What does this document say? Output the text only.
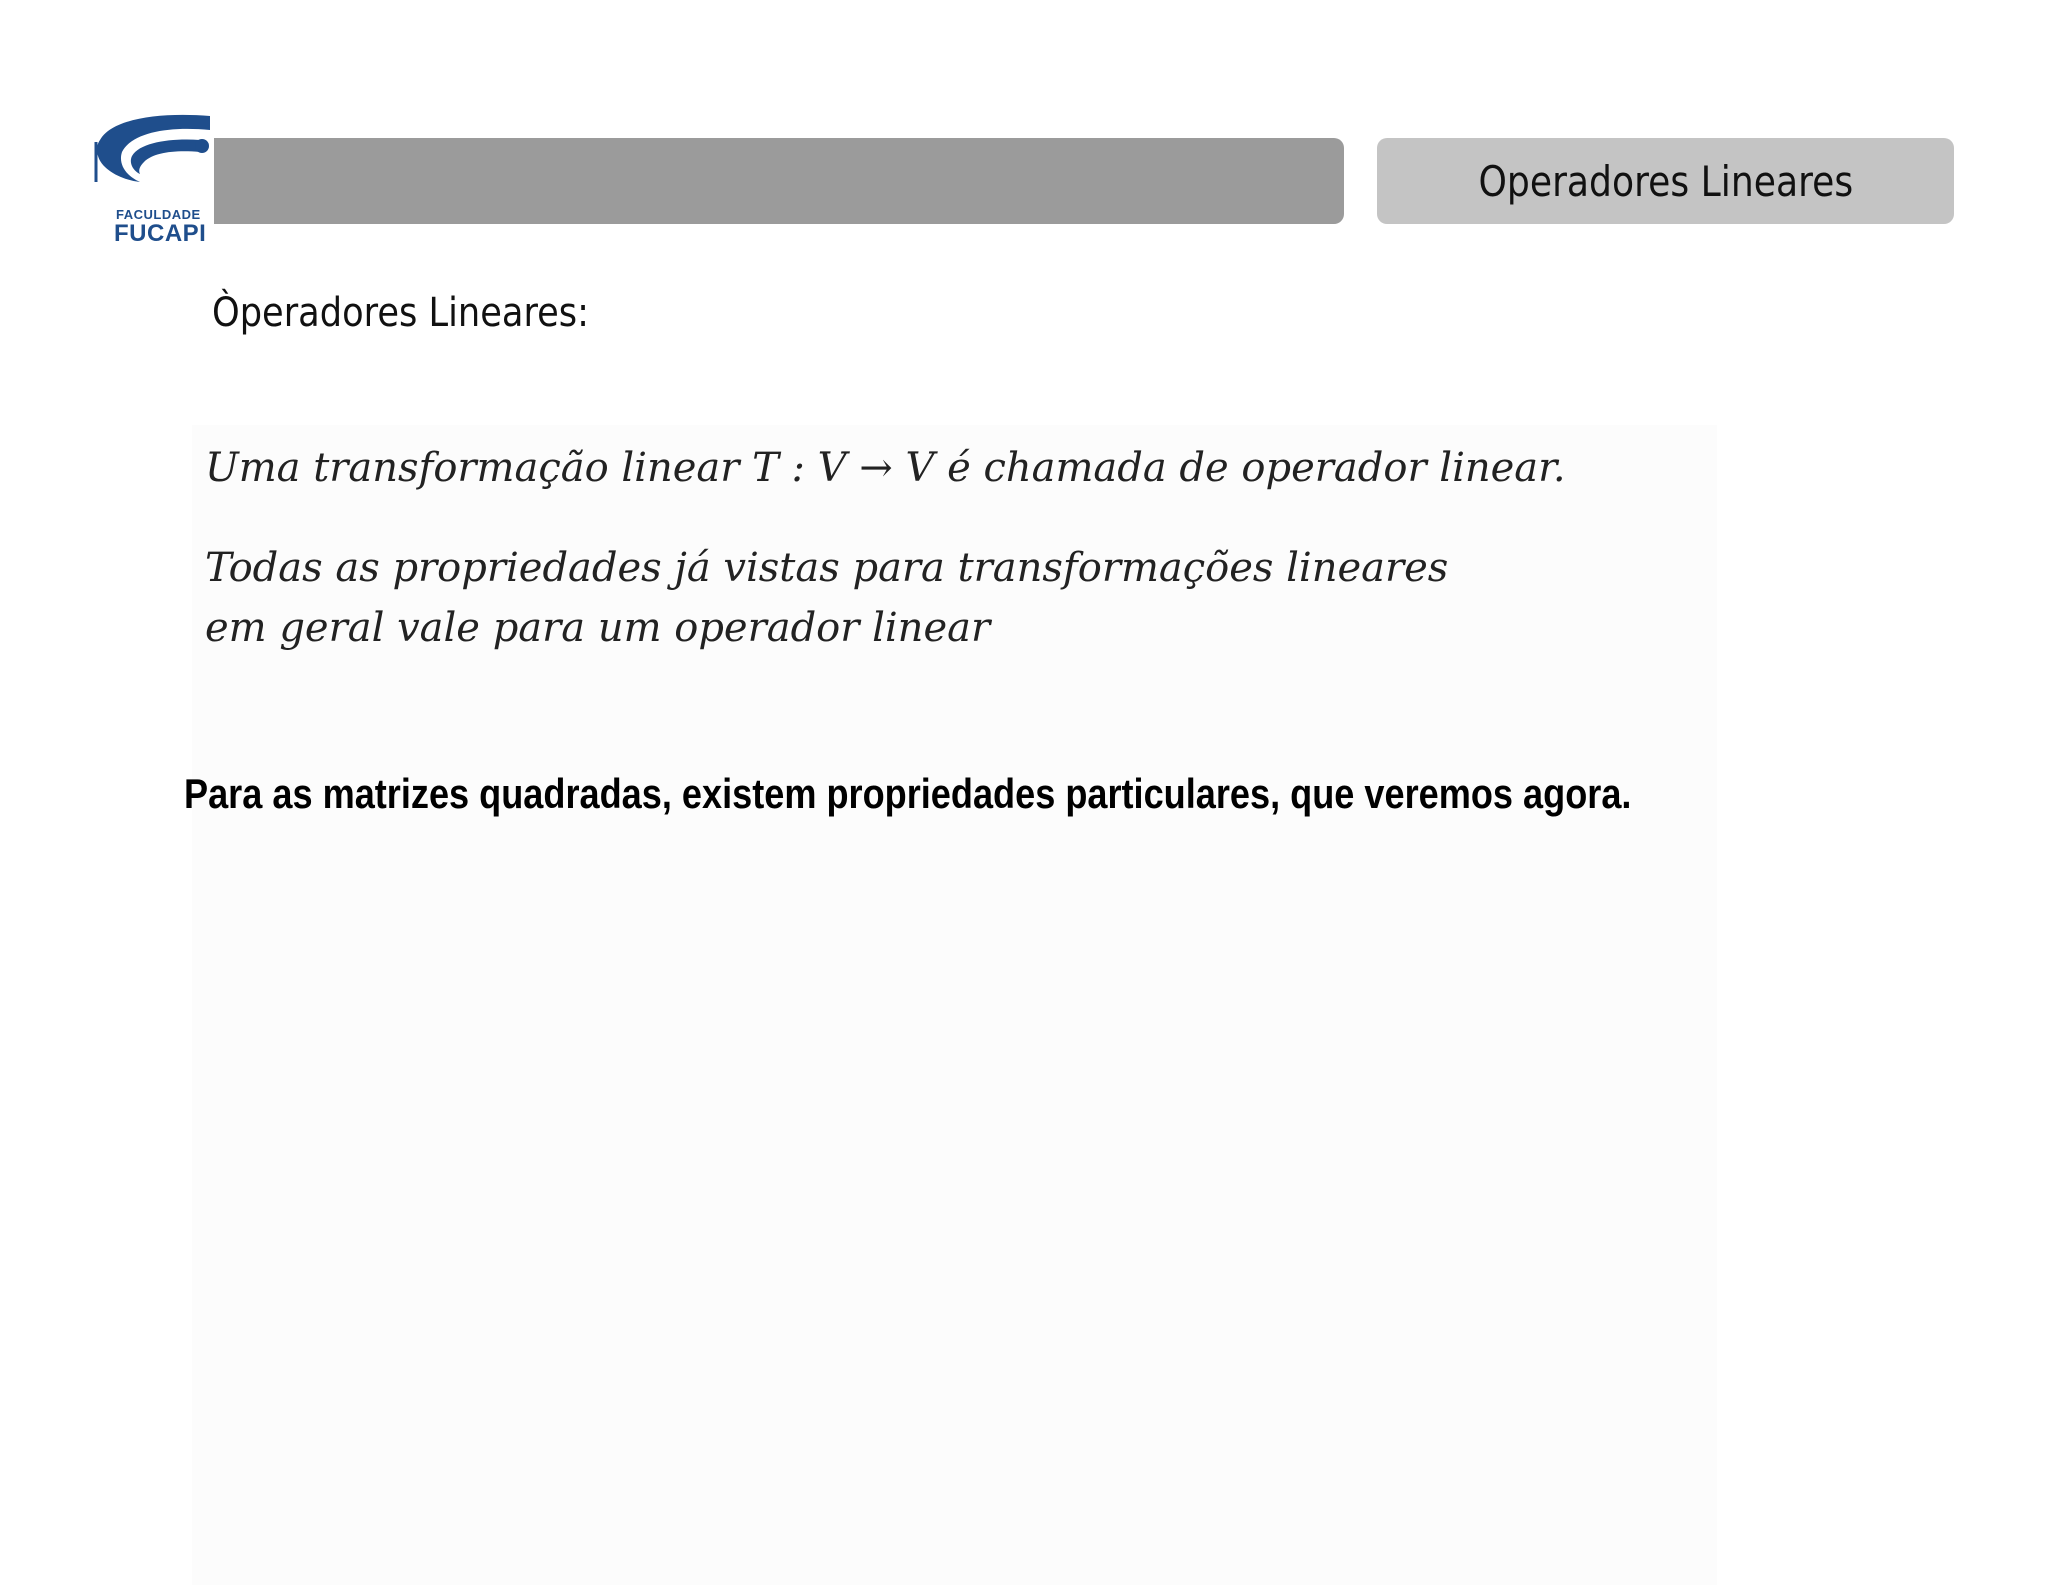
FACULDADE
FUCAPI
Operadores Lineares
Òperadores Lineares:
Uma transformação linear T : V → V é chamada de operador linear.
Todas as propriedades já vistas para transformações lineares
em geral vale para um operador linear
Para as matrizes quadradas, existem propriedades particulares, que veremos agora.
